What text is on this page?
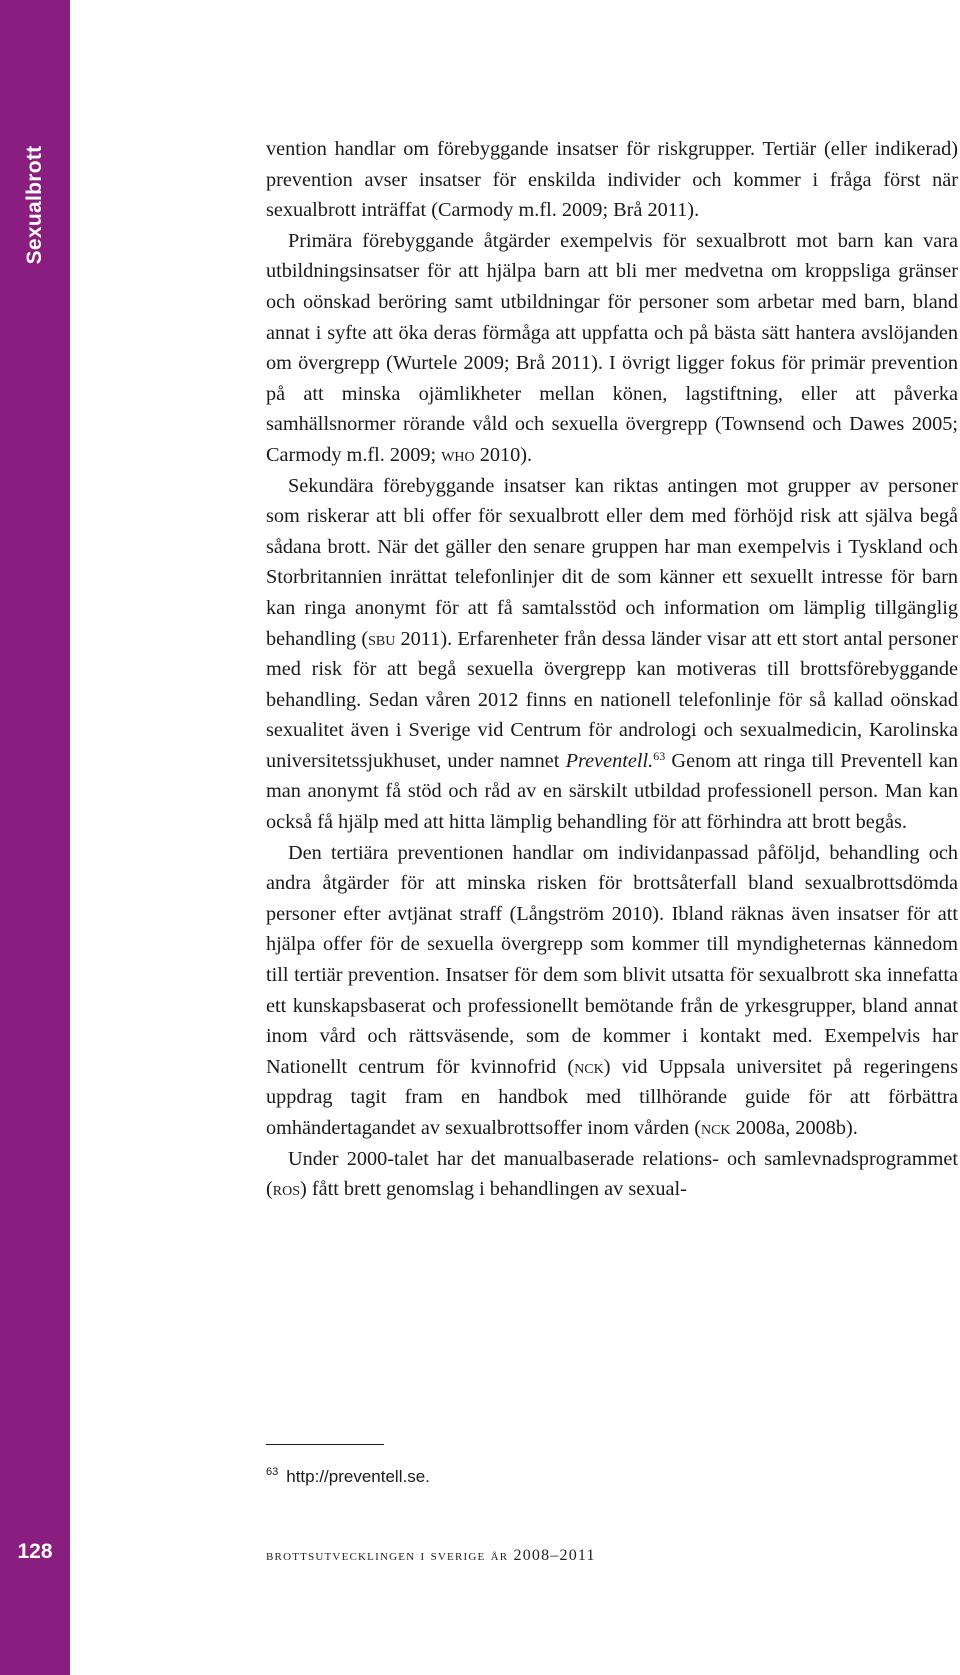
Sexualbrott
128

vention handlar om förebyggande insatser för riskgrupper. Tertiär (eller indikerad) prevention avser insatser för enskilda individer och kommer i fråga först när sexualbrott inträffat (Carmody m.fl. 2009; Brå 2011).

Primära förebyggande åtgärder exempelvis för sexualbrott mot barn kan vara utbildningsinsatser för att hjälpa barn att bli mer medvetna om kroppsliga gränser och oönskad beröring samt utbildningar för personer som arbetar med barn, bland annat i syfte att öka deras förmåga att uppfatta och på bästa sätt hantera avslöjanden om övergrepp (Wurtele 2009; Brå 2011). I övrigt ligger fokus för primär prevention på att minska ojämlikheter mellan könen, lagstiftning, eller att påverka samhällsnormer rörande våld och sexuella övergrepp (Townsend och Dawes 2005; Carmody m.fl. 2009; who 2010).

Sekundära förebyggande insatser kan riktas antingen mot grupper av personer som riskerar att bli offer för sexualbrott eller dem med förhöjd risk att själva begå sådana brott. När det gäller den senare gruppen har man exempelvis i Tyskland och Storbritannien inrättat telefonlinjer dit de som känner ett sexuellt intresse för barn kan ringa anonymt för att få samtalsstöd och information om lämplig tillgänglig behandling (sbu 2011). Erfarenheter från dessa länder visar att ett stort antal personer med risk för att begå sexuella övergrepp kan motiveras till brottsförebyggande behandling. Sedan våren 2012 finns en nationell telefonlinje för så kallad oönskad sexualitet även i Sverige vid Centrum för andrologi och sexualmedicin, Karolinska universitetssjukhuset, under namnet Preventell.$^{63}$ Genom att ringa till Preventell kan man anonymt få stöd och råd av en särskilt utbildad professionell person. Man kan också få hjälp med att hitta lämplig behandling för att förhindra att brott begås.

Den tertiära preventionen handlar om individanpassad påföljd, behandling och andra åtgärder för att minska risken för brottsåterfall bland sexualbrottsdömda personer efter avtjänat straff (Långström 2010). Ibland räknas även insatser för att hjälpa offer för de sexuella övergrepp som kommer till myndigheternas kännedom till tertiär prevention. Insatser för dem som blivit utsatta för sexualbrott ska innefatta ett kunskapsbaserat och professionellt bemötande från de yrkesgrupper, bland annat inom vård och rättsväsende, som de kommer i kontakt med. Exempelvis har Nationellt centrum för kvinnofrid (nck) vid Uppsala universitet på regeringens uppdrag tagit fram en handbok med tillhörande guide för att förbättra omhändertagandet av sexualbrottsoffer inom vården (nck 2008a, 2008b).

Under 2000-talet har det manualbaserade relations- och samlevnadsprogrammet (ros) fått brett genomslag i behandlingen av sexual-

$^{63}$ http://preventell.se.
brottsutvecklingen i sverige år 2008–2011
